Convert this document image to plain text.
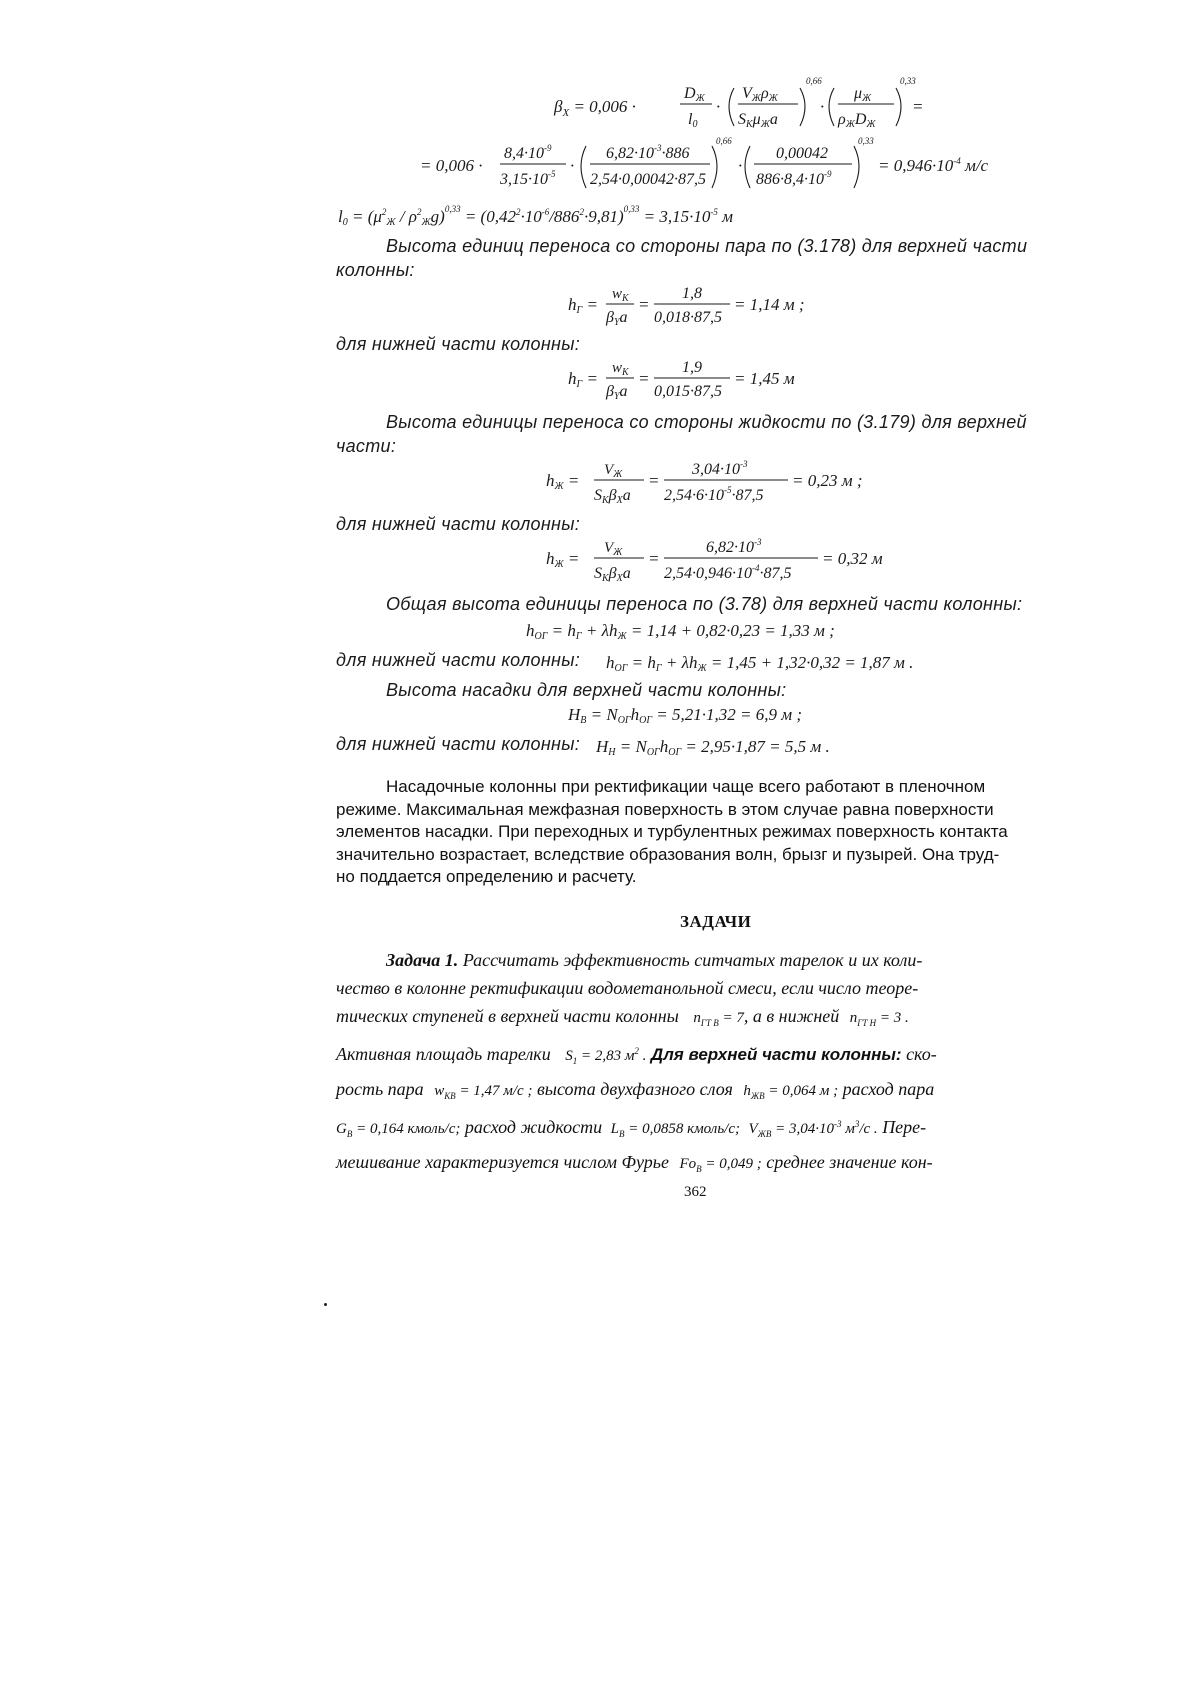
$\beta_X = 0,006$ ·
DЖ
l0
·
VЖρЖ
SKμЖa
0,66
·
μЖ
ρЖDЖ
0,33
=
= 0,006 ·
$8,4\cdot 10^{-9}$
$3,15\cdot 10^{-5}$ ·
$6,82\cdot 10^{-3}\cdot 886$
2,54·0,00042·87,5
0,66
·
0,00042
$886\cdot 8,4\cdot 10^{-9}$
0,33
= $0,946\cdot 10^{-4}$ м/с
$l0 = (\mu^2_Ж / \rho^2_Жg)^{0,33} = (0,42^2\cdot 10^{-6}/886^2\cdot 9,81)^{0,33} = 3,15\cdot 10^{-5}$ м
Высота единиц переноса со стороны пара по (3.178) для верхней части
колонны:
hГ =
$w_K$
βYa
=
1,8
0,018·87,5
= 1,14 м ;
для нижней части колонны:
hГ =
$w_K$
βYa
=
1,9
0,015·87,5
= 1,45 м
Высота единицы переноса со стороны жидкости по (3.179) для верхней
части:
hЖ =
$V_Ж$
SKβXa
=
$3,04\cdot 10^{-3}$
$2,54\cdot 6\cdot 10^{-5}\cdot 87,5$
= 0,23 м ;
для нижней части колонны:
hЖ =
$V_Ж$
SKβXa
=
$6,82\cdot 10^{-3}$
$2,54\cdot 0,946\cdot 10^{-4}\cdot 87,5$
= 0,32 м
Общая высота единицы переноса по (3.78) для верхней части колонны:
hОГ = hГ + λhЖ = 1,14 + 0,82·0,23 = 1,33 м ;
для нижней части колонны: hОГ = hГ + λhЖ = 1,45 + 1,32·0,32 = 1,87 м .
Высота насадки для верхней части колонны:
HВ = NОГhОГ = 5,21·1,32 = 6,9 м ;
для нижней части колонны: HН = NОГhОГ = 2,95·1,87 = 5,5 м .
Насадочные колонны при ректификации чаще всего работают в пленочном
режиме. Максимальная межфазная поверхность в этом случае равна поверхности
элементов насадки. При переходных и турбулентных режимах поверхность контакта
значительно возрастает, вследствие образования волн, брызг и пузырей. Она труд-
но поддается определению и расчету.
ЗАДАЧИ
Задача 1. Рассчитать эффективность ситчатых тарелок и их коли-
чество в колонне ректификации водометанольной смеси, если число теоре-
тических ступеней в верхней части колонны $n_{ГТ В} = 7$, а в нижней $n_{ГТ Н} = 3$ .
Активная площадь тарелки $S_1 = 2,83$ $м^2$ . Для верхней части колонны: ско-
рость пара $w_{КВ} = 1,47$ м/с ; высота двухфазного слоя $h_{ЖВ} = 0,064$ м ; расход пара
$G_В = 0,164$ кмоль/с; расход жидкости $L_В = 0,0858$ кмоль/с; $V_{ЖВ} = 3,04\cdot 10^{-3}$ $м^3/с$ . Пере-
мешивание характеризуется числом Фурье $Fo_В = 0,049$ ; среднее значение кон-
362
